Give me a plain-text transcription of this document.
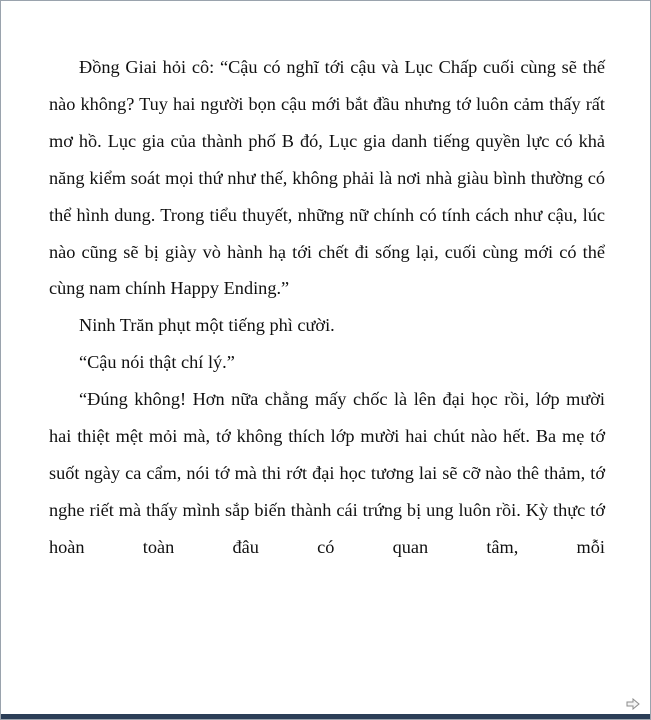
Đồng Giai hỏi cô: “Cậu có nghĩ tới cậu và Lục Chấp cuối cùng sẽ thế nào không? Tuy hai người bọn cậu mới bắt đầu nhưng tớ luôn cảm thấy rất mơ hồ. Lục gia của thành phố B đó, Lục gia danh tiếng quyền lực có khả năng kiểm soát mọi thứ như thế, không phải là nơi nhà giàu bình thường có thể hình dung. Trong tiểu thuyết, những nữ chính có tính cách như cậu, lúc nào cũng sẽ bị giày vò hành hạ tới chết đi sống lại, cuối cùng mới có thể cùng nam chính Happy Ending.”

Ninh Trăn phụt một tiếng phì cười.

“Cậu nói thật chí lý.”

“Đúng không! Hơn nữa chẳng mấy chốc là lên đại học rồi, lớp mười hai thiệt mệt mỏi mà, tớ không thích lớp mười hai chút nào hết. Ba mẹ tớ suốt ngày ca cẩm, nói tớ mà thi rớt đại học tương lai sẽ cỡ nào thê thảm, tớ nghe riết mà thấy mình sắp biến thành cái trứng bị ung luôn rồi. Kỳ thực tớ hoàn toàn đâu có quan tâm, mỗi
